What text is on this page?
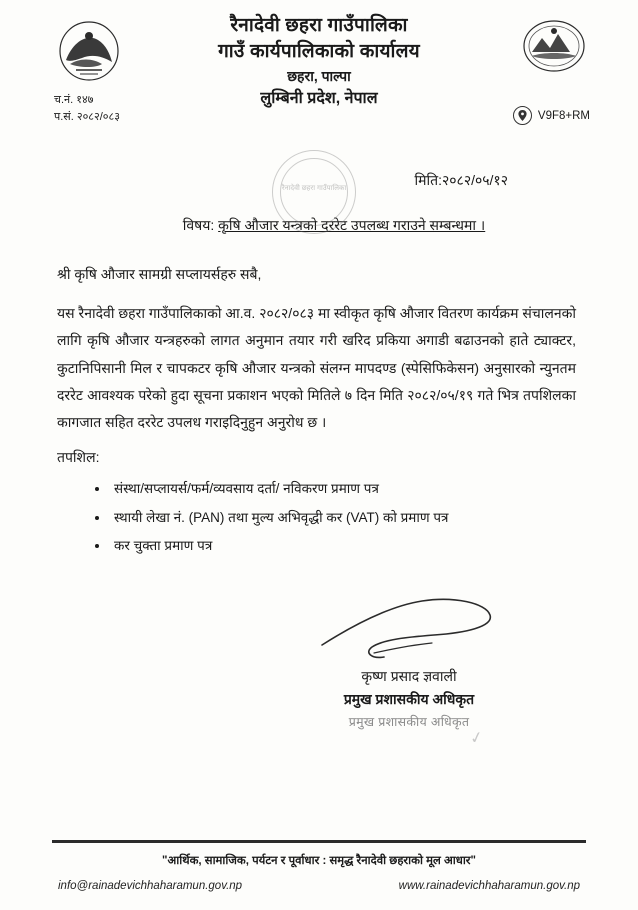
रैनादेवी छहरा गाउँपालिका
गाउँ कार्यपालिकाको कार्यालय
छहरा, पाल्पा
लुम्बिनी प्रदेश, नेपाल
च.नं. १४७
प.सं. २०८२/०८३	V9F8+RM
रैनादेवी छहरा गाउँपालिका
मिति:२०८२/०५/१२
विषय: कृषि औजार यन्त्रको दररेट उपलब्ध गराउने सम्बन्धमा ।
श्री कृषि औजार सामग्री सप्लायर्सहरु सबै,
यस रैनादेवी छहरा गाउँपालिकाको आ.व. २०८२/०८३ मा स्वीकृत कृषि औजार वितरण कार्यक्रम संचालनको लागि कृषि औजार यन्त्रहरुको लागत अनुमान तयार गरी खरिद प्रकिया अगाडी बढाउनको हाते ट्याक्टर, कुटानिपिसानी मिल र चापकटर कृषि औजार यन्त्रको संलग्न मापदण्ड (स्पेसिफिकेसन) अनुसारको न्युनतम दररेट आवश्यक परेको हुदा सूचना प्रकाशन भएको मितिले ७ दिन मिति २०८२/०५/१९ गते भित्र तपशिलका कागजात सहित दररेट उपलध गराइदिनुहुन अनुरोध छ ।
तपशिल:
• संस्था/सप्लायर्स/फर्म/व्यवसाय दर्ता/ नविकरण प्रमाण पत्र
• स्थायी लेखा नं. (PAN) तथा मुल्य अभिवृद्धी कर (VAT) को प्रमाण पत्र
• कर चुक्ता प्रमाण पत्र
कृष्ण प्रसाद ज्ञवाली
प्रमुख प्रशासकीय अधिकृत
प्रमुख प्रशासकीय अधिकृत
✓
"आर्थिक, सामाजिक, पर्यटन र पूर्वाधार : समृद्ध रैनादेवी छहराको मूल आधार"
info@rainadevichhaharamun.gov.np	www.rainadevichhaharamun.gov.np
